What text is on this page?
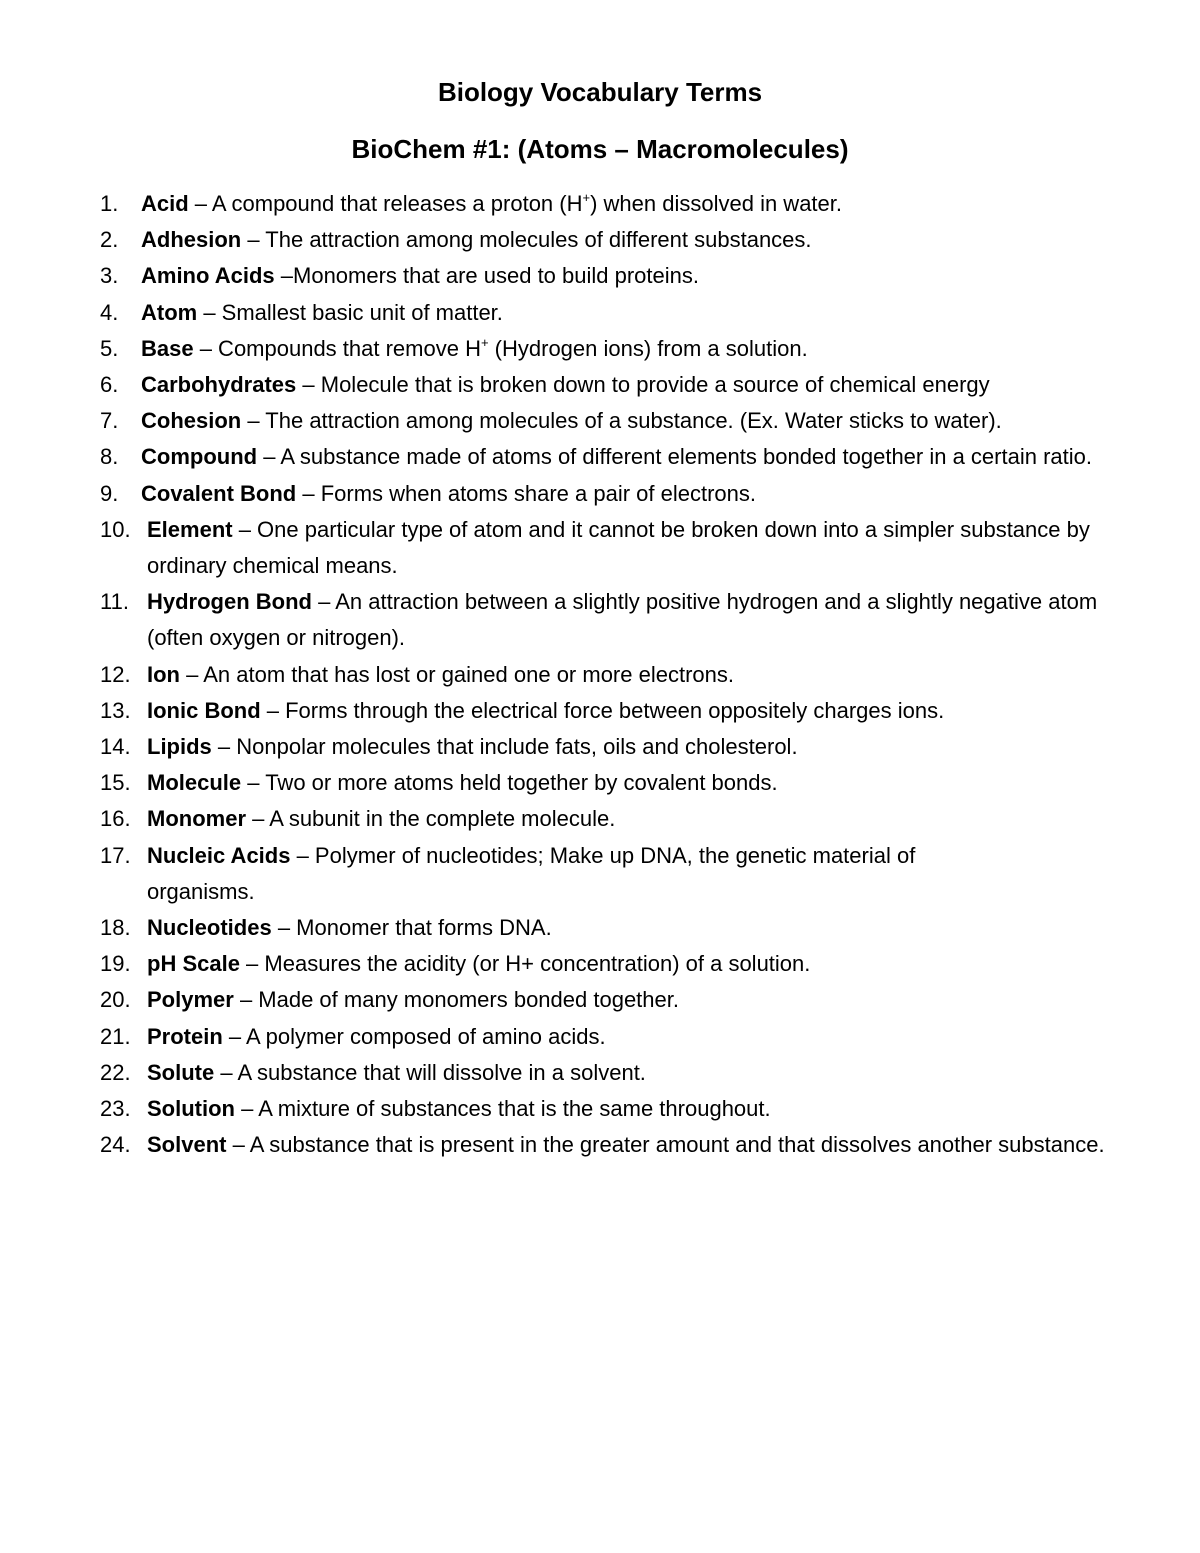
Biology Vocabulary Terms
BioChem #1: (Atoms – Macromolecules)
1. Acid – A compound that releases a proton (H+) when dissolved in water.
2. Adhesion – The attraction among molecules of different substances.
3. Amino Acids –Monomers that are used to build proteins.
4. Atom – Smallest basic unit of matter.
5. Base – Compounds that remove H+ (Hydrogen ions) from a solution.
6. Carbohydrates – Molecule that is broken down to provide a source of chemical energy
7. Cohesion – The attraction among molecules of a substance. (Ex. Water sticks to water).
8. Compound – A substance made of atoms of different elements bonded together in a certain ratio.
9. Covalent Bond – Forms when atoms share a pair of electrons.
10. Element – One particular type of atom and it cannot be broken down into a simpler substance by ordinary chemical means.
11. Hydrogen Bond – An attraction between a slightly positive hydrogen and a slightly negative atom (often oxygen or nitrogen).
12. Ion – An atom that has lost or gained one or more electrons.
13. Ionic Bond – Forms through the electrical force between oppositely charges ions.
14. Lipids – Nonpolar molecules that include fats, oils and cholesterol.
15. Molecule – Two or more atoms held together by covalent bonds.
16. Monomer – A subunit in the complete molecule.
17. Nucleic Acids – Polymer of nucleotides; Make up DNA, the genetic material of organisms.
18. Nucleotides – Monomer that forms DNA.
19. pH Scale – Measures the acidity (or H+ concentration) of a solution.
20. Polymer – Made of many monomers bonded together.
21. Protein – A polymer composed of amino acids.
22. Solute – A substance that will dissolve in a solvent.
23. Solution – A mixture of substances that is the same throughout.
24. Solvent – A substance that is present in the greater amount and that dissolves another substance.
